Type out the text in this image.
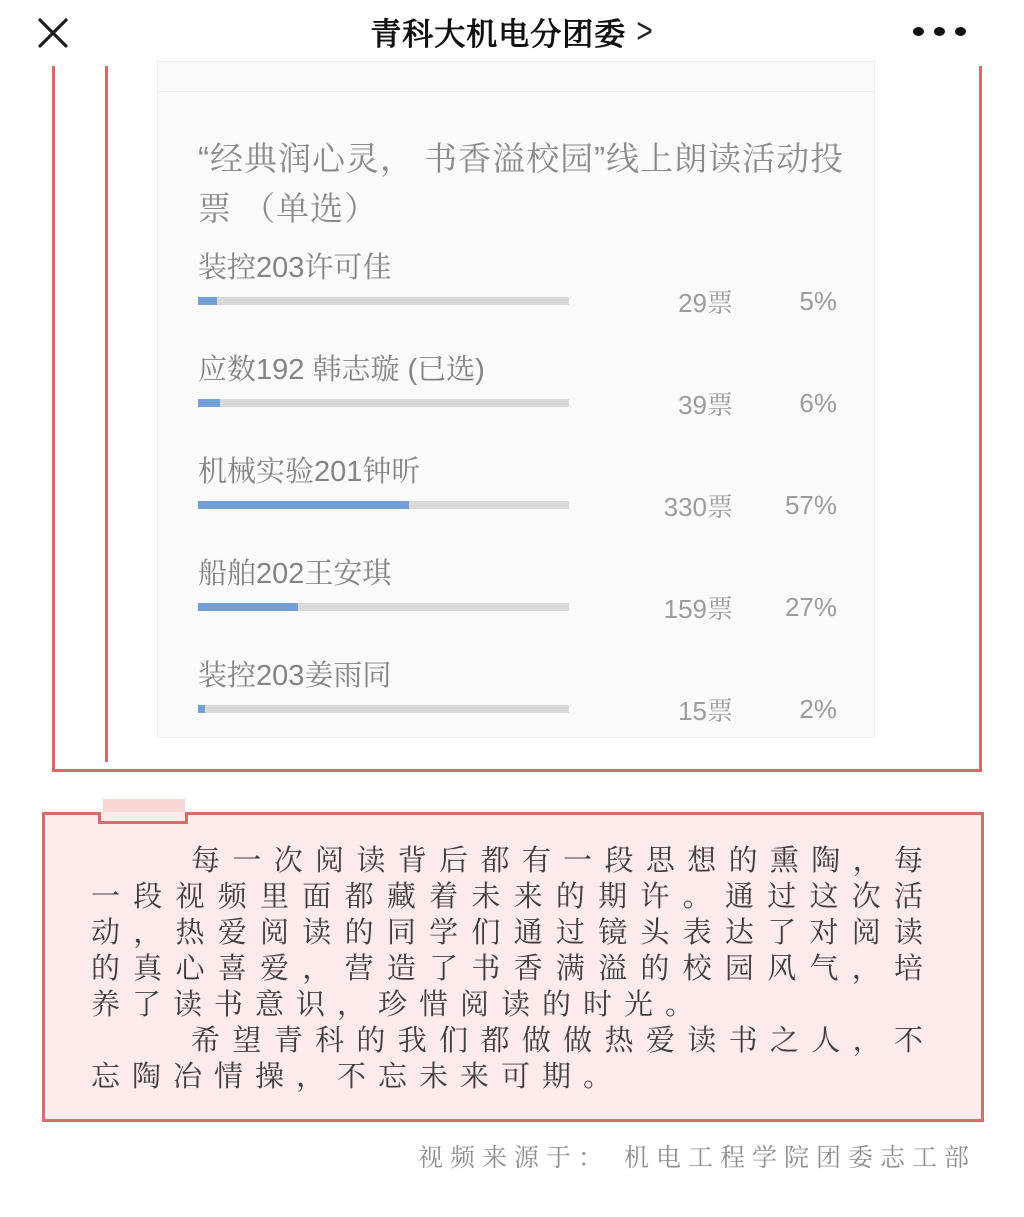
青科大机电分团委 >
“经典润心灵， 书香溢校园”线上朗读活动投票 （单选）
装控203许可佳
29票	5%
应数192 韩志璇 (已选)
39票	6%
机械实验201钟昕
330票	57%
船舶202王安琪
159票	27%
装控203姜雨同
15票	2%

每一次阅读背后都有一段思想的熏陶，每一段视频里面都藏着未来的期许。通过这次活动，热爱阅读的同学们通过镜头表达了对阅读的真心喜爱，营造了书香满溢的校园风气，培养了读书意识，珍惜阅读的时光。

希望青科的我们都做做热爱读书之人，不忘陶冶情操，不忘未来可期。

视频来源于： 机电工程学院团委志工部
